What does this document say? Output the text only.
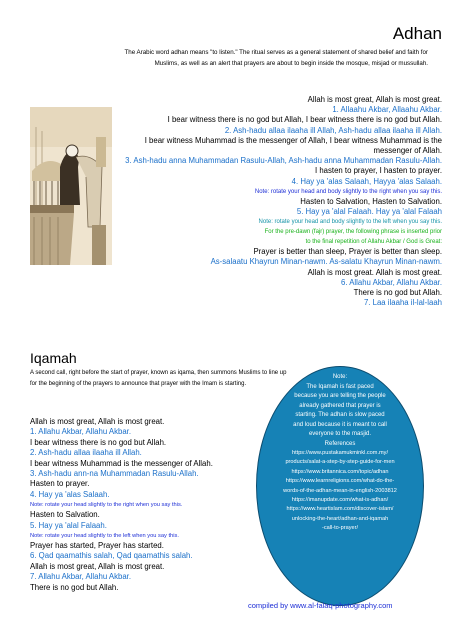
Adhan
The Arabic word adhan means "to listen." The ritual serves as a general statement of shared belief and faith for Muslims, as well as an alert that prayers are about to begin inside the mosque, misjad or mussullah.
Allah is most great, Allah is most great.
1. Allaahu Akbar, Allaahu Akbar.
I bear witness there is no god but Allah, I bear witness there is no god but Allah.
2. Ash-hadu allaa ilaaha ill Allah, Ash-hadu allaa ilaaha ill Allah.
I bear witness Muhammad is the messenger of Allah, I bear witness Muhammad is the
messenger of Allah.
3. Ash-hadu anna Muhammadan Rasulu-Allah, Ash-hadu anna Muhammadan Rasulu-Allah.
I hasten to prayer, I hasten to prayer.
4. Hay ya 'alas Salaah, Hayya 'alas Salaah.
Note: rotate your head and body slightly to the right when you say this.
Hasten to Salvation, Hasten to Salvation.
5. Hay ya 'alal Falaah. Hay ya 'alal Falaah
Note: rotate your head and body slightly to the left when you say this.
For the pre-dawn (fajr) prayer, the following phrase is inserted prior
to the final repetition of Allahu Akbar / God is Great:
Prayer is better than sleep, Prayer is better than sleep.
As-salaatu Khayrun Minan-nawm. As-salatu Khayrun Minan-nawm.
Allah is most great. Allah is most great.
6. Allahu Akbar, Allahu Akbar.
There is no god but Allah.
7. Laa ilaaha il-lal-laah
Iqamah
A second call, right before the start of prayer, known as iqama, then summons Muslims to line up for the beginning of the prayers to announce that prayer with the Imam is starting.
Allah is most great, Allah is most great.
1. Allahu Akbar, Allahu Akbar.
I bear witness there is no god but Allah.
2. Ash-hadu allaa ilaaha ill Allah.
I bear witness Muhammad is the messenger of Allah.
3. Ash-hadu ann-na Muhammadan Rasulu-Allah.
Hasten to prayer.
4. Hay ya 'alas Salaah.
Note: rotate your head slightly to the right when you say this.
Hasten to Salvation.
5. Hay ya 'alal Falaah.
Note: rotate your head slightly to the left when you say this.
Prayer has started, Prayer has started.
6. Qad qaamathis salah, Qad qaamathis salah.
Allah is most great, Allah is most great.
7. Allahu Akbar, Allahu Akbar.
There is no god but Allah.
Note:
The Iqamah is fast paced
because you are telling the people
already gathered that prayer is
starting. The adhan is slow paced
and loud because it is meant to call
everyone to the masjid.
References
https://www.pustakamukminkl.com.my/
products/salat-a-step-by-step-guide-for-men
https://www.britannica.com/topic/adhan
https://www.learnreligions.com/what-do-the-
words-of-the-adhan-mean-in-english-2003812
https://imanupdate.com/what-is-adhan/
https://www.heartislam.com/discover-islam/
unlocking-the-heart/adhan-and-iqamah
-call-to-prayer/
compiled by www.al-falaq-photography.com
